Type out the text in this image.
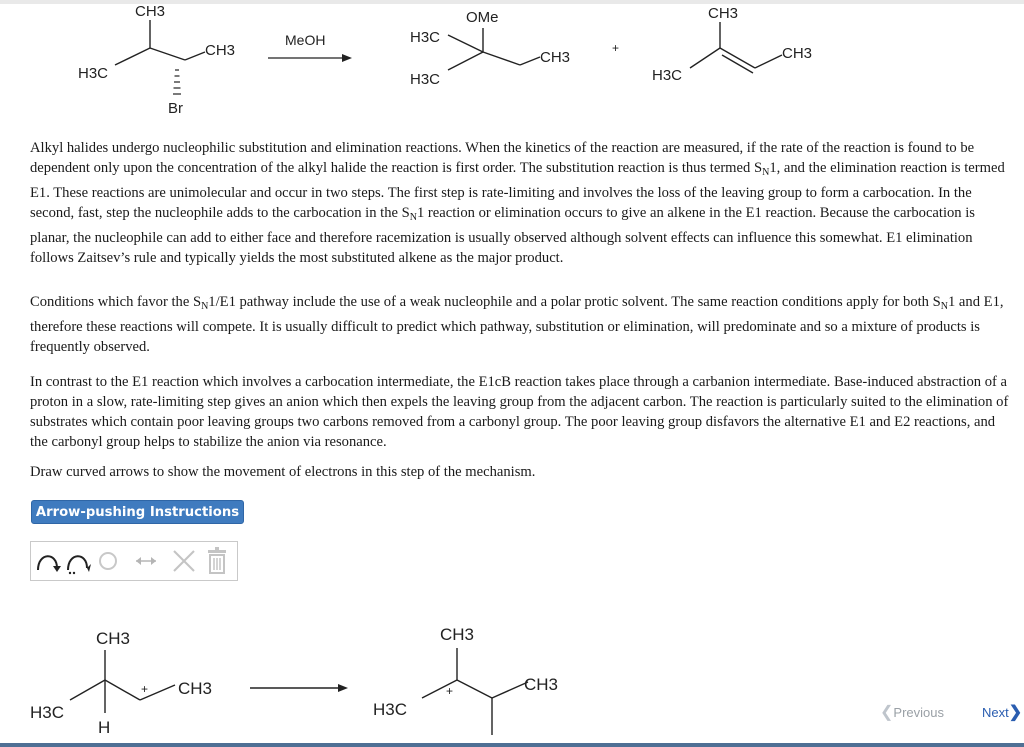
CH3
CH3
H3C
Br
MeOH
OMe
H3C
CH3
H3C
+
CH3
CH3
H3C

Alkyl halides undergo nucleophilic substitution and elimination reactions. When the kinetics of the reaction are measured, if the rate of the reaction is found to be dependent only upon the concentration of the alkyl halide the reaction is first order. The substitution reaction is thus termed $S_N1$, and the elimination reaction is termed E1. These reactions are unimolecular and occur in two steps. The first step is rate-limiting and involves the loss of the leaving group to form a carbocation. In the second, fast, step the nucleophile adds to the carbocation in the $S_N1$ reaction or elimination occurs to give an alkene in the E1 reaction. Because the carbocation is planar, the nucleophile can add to either face and therefore racemization is usually observed although solvent effects can influence this somewhat. E1 elimination follows Zaitsev’s rule and typically yields the most substituted alkene as the major product.

Conditions which favor the $S_N1/E1$ pathway include the use of a weak nucleophile and a polar protic solvent. The same reaction conditions apply for both $S_N1$ and E1, therefore these reactions will compete. It is usually difficult to predict which pathway, substitution or elimination, will predominate and so a mixture of products is frequently observed.

In contrast to the E1 reaction which involves a carbocation intermediate, the E1cB reaction takes place through a carbanion intermediate. Base-induced abstraction of a proton in a slow, rate-limiting step gives an anion which then expels the leaving group from the adjacent carbon. The reaction is particularly suited to the elimination of substrates which contain poor leaving groups two carbons removed from a carbonyl group. The poor leaving group disfavors the alternative E1 and E2 reactions, and the carbonyl group helps to stabilize the anion via resonance.

Draw curved arrows to show the movement of electrons in this step of the mechanism.

Arrow-pushing Instructions
CH3
CH3
H3C
H
+
CH3
CH3
H3C
+
❮Previous	Next❯
